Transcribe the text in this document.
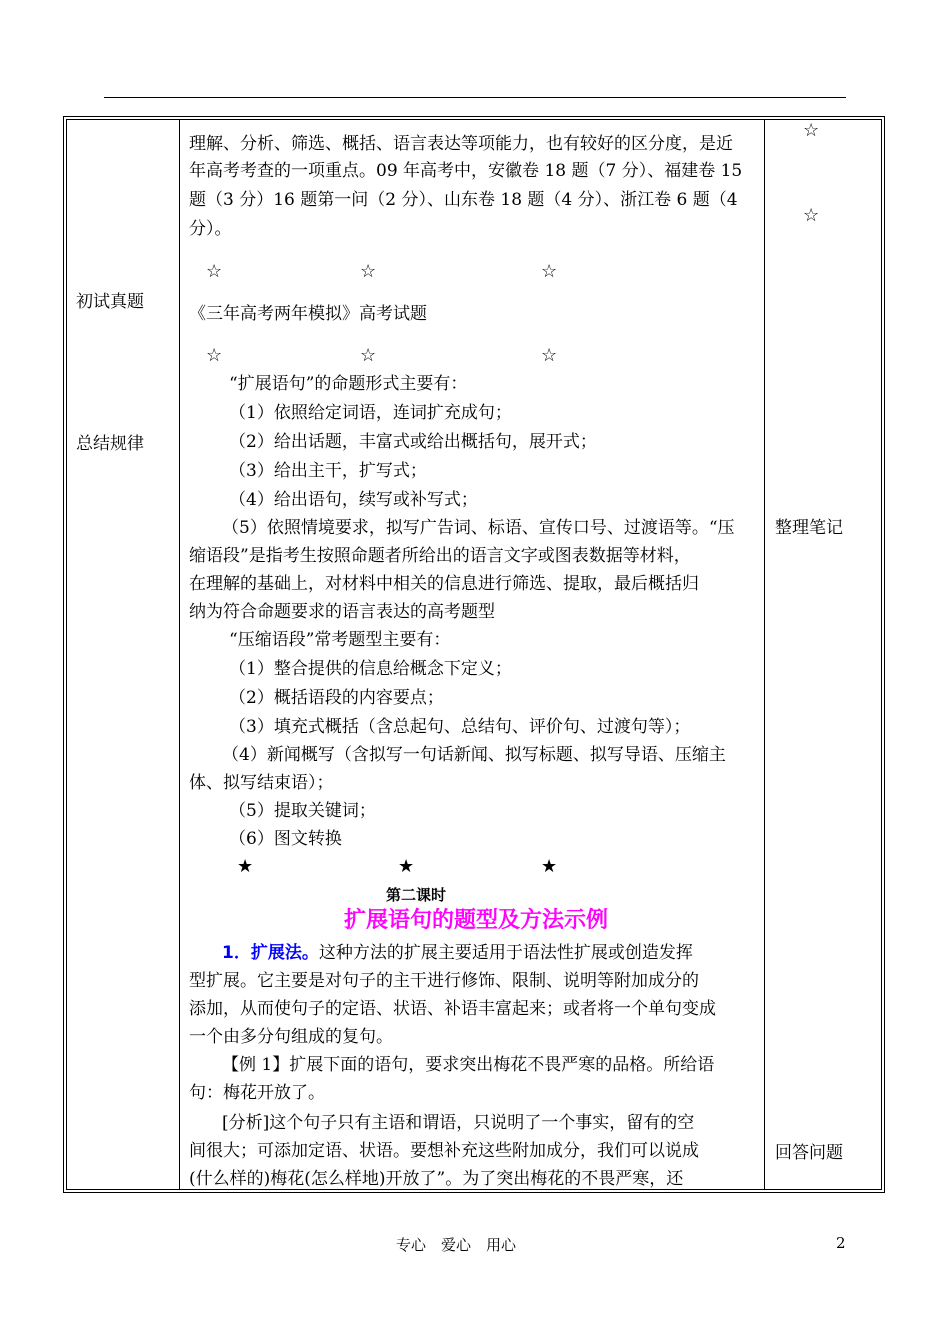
初试真题
总结规律
整理笔记
回答问题
☆
☆
理解、分析、筛选、概括、语言表达等项能力，也有较好的区分度，是近
年高考考查的一项重点。09 年高考中，安徽卷 18 题（7 分）、福建卷 15
题（3 分）16 题第一问（2 分）、山东卷 18 题（4 分）、浙江卷 6 题（4
分）。
☆	☆	☆
《三年高考两年模拟》高考试题
☆	☆	☆
“扩展语句”的命题形式主要有：
（1）依照给定词语，连词扩充成句；
（2）给出话题，丰富式或给出概括句，展开式；
（3）给出主干，扩写式；
（4）给出语句，续写或补写式；
（5）依照情境要求，拟写广告词、标语、宣传口号、过渡语等。“压
缩语段”是指考生按照命题者所给出的语言文字或图表数据等材料，
在理解的基础上，对材料中相关的信息进行筛选、提取，最后概括归
纳为符合命题要求的语言表达的高考题型
“压缩语段”常考题型主要有：
（1）整合提供的信息给概念下定义；
（2）概括语段的内容要点；
（3）填充式概括（含总起句、总结句、评价句、过渡句等）；
（4）新闻概写（含拟写一句话新闻、拟写标题、拟写导语、压缩主
体、拟写结束语）；
（5）提取关键词；
（6）图文转换
★	★	★
第二课时
扩展语句的题型及方法示例
1．扩展法。这种方法的扩展主要适用于语法性扩展或创造发挥
型扩展。它主要是对句子的主干进行修饰、限制、说明等附加成分的
添加，从而使句子的定语、状语、补语丰富起来；或者将一个单句变成
一个由多分句组成的复句。
【例 1】扩展下面的语句，要求突出梅花不畏严寒的品格。所给语
句：梅花开放了。
[分析]这个句子只有主语和谓语，只说明了一个事实，留有的空
间很大；可添加定语、状语。要想补充这些附加成分，我们可以说成
(什么样的)梅花(怎么样地)开放了”。为了突出梅花的不畏严寒，还
专心　爱心　用心	2
